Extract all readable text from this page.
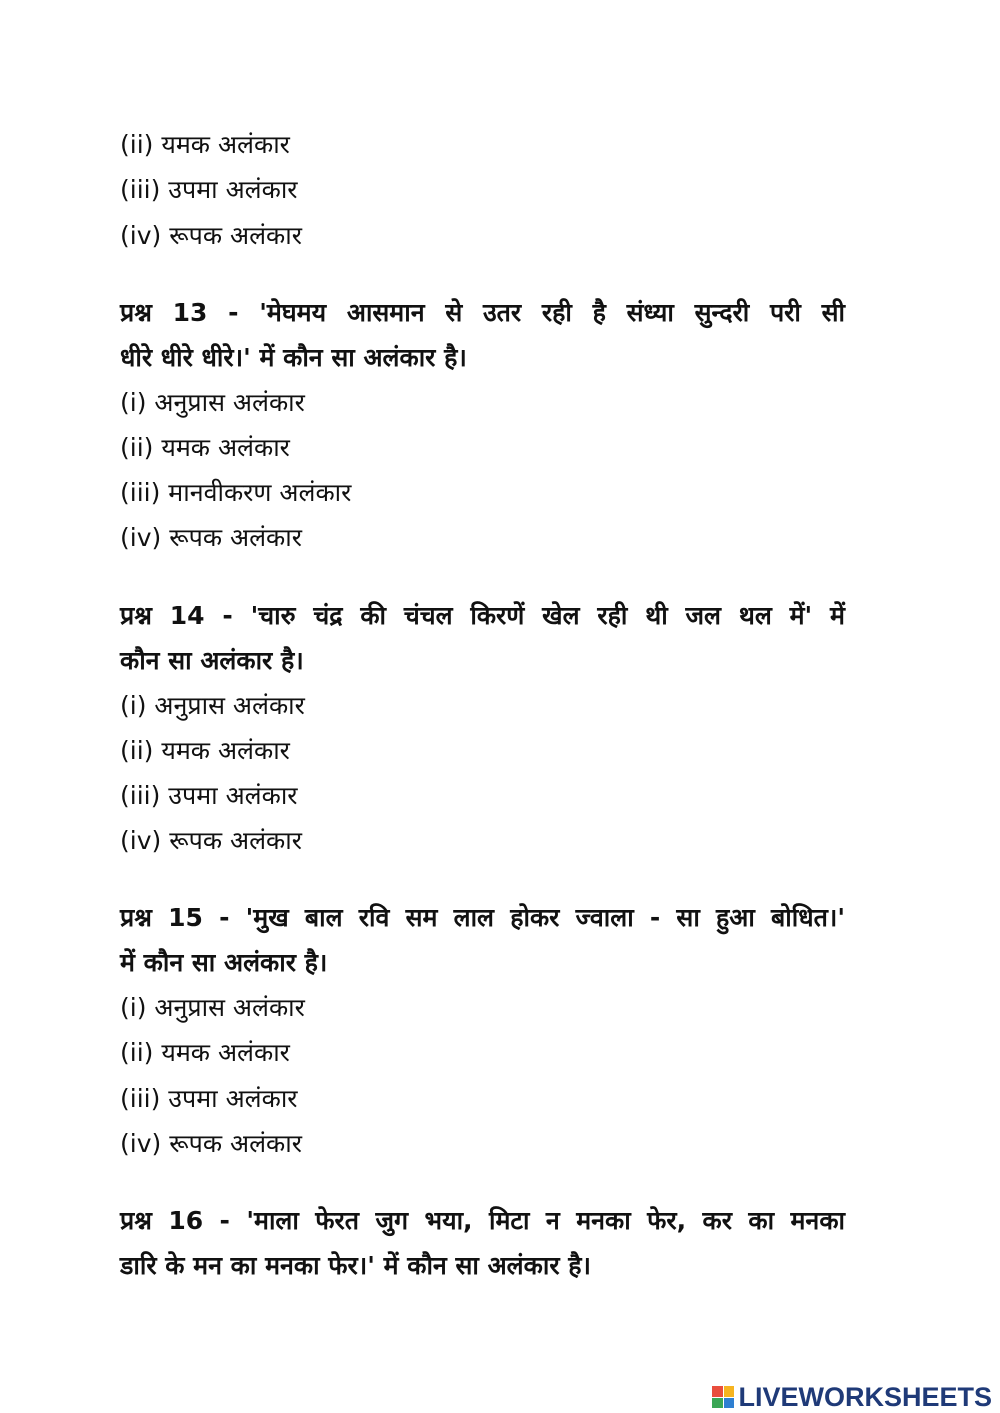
(ii) यमक अलंकार
(iii) उपमा अलंकार
(iv) रूपक अलंकार
प्रश्न 13 - 'मेघमय आसमान से उतर रही है संध्या सुन्दरी परी सी
धीरे धीरे धीरे।' में कौन सा अलंकार है।
(i) अनुप्रास अलंकार
(ii) यमक अलंकार
(iii) मानवीकरण अलंकार
(iv) रूपक अलंकार
प्रश्न 14 - 'चारु चंद्र की चंचल किरणें खेल रही थी जल थल में' में
कौन सा अलंकार है।
(i) अनुप्रास अलंकार
(ii) यमक अलंकार
(iii) उपमा अलंकार
(iv) रूपक अलंकार
प्रश्न 15 - 'मुख बाल रवि सम लाल होकर ज्वाला - सा हुआ बोधित।'
में कौन सा अलंकार है।
(i) अनुप्रास अलंकार
(ii) यमक अलंकार
(iii) उपमा अलंकार
(iv) रूपक अलंकार
प्रश्न 16 - 'माला फेरत जुग भया, मिटा न मनका फेर, कर का मनका
डारि के मन का मनका फेर।' में कौन सा अलंकार है।
LIVEWORKSHEETS
